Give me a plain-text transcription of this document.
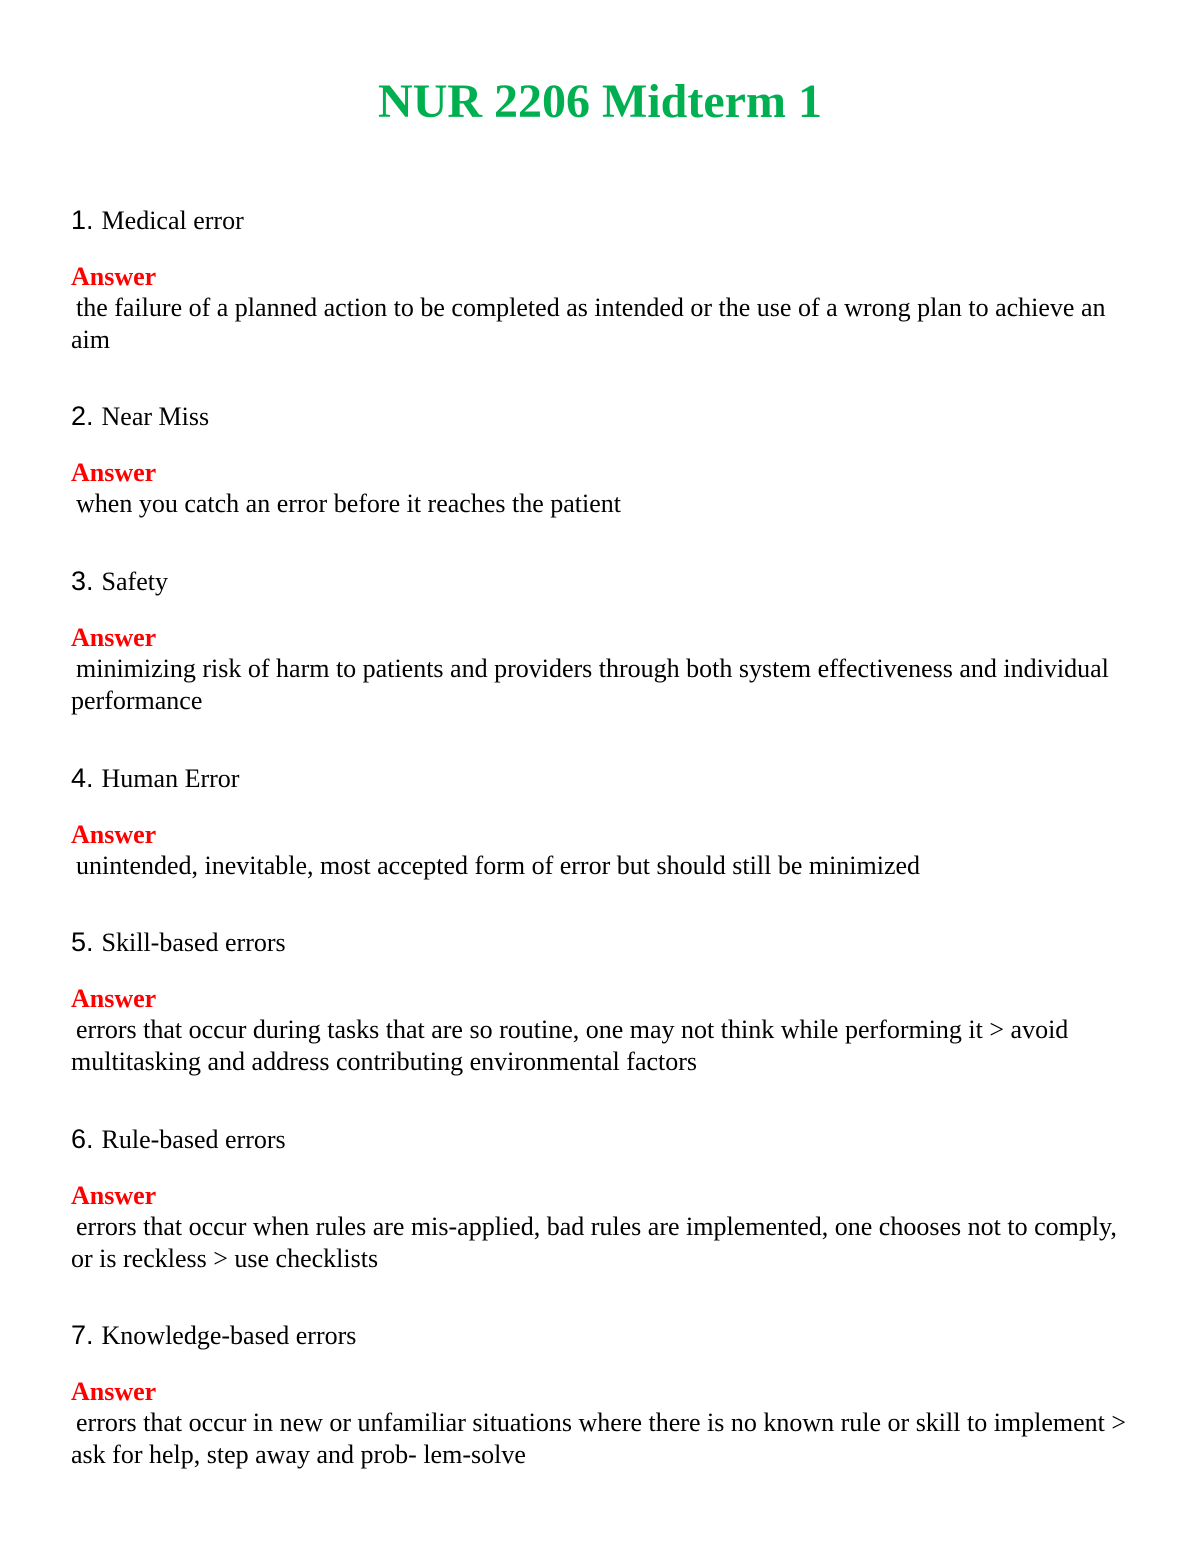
NUR 2206 Midterm 1
1. Medical error
Answer

the failure of a planned action to be completed as intended or the use of a wrong plan to achieve an aim

2. Near Miss
Answer

when you catch an error before it reaches the patient

3. Safety
Answer

minimizing risk of harm to patients and providers through both system effectiveness and individual performance

4. Human Error
Answer

unintended, inevitable, most accepted form of error but should still be minimized

5. Skill-based errors
Answer

errors that occur during tasks that are so routine, one may not think while performing it > avoid multitasking and address contributing environmental factors

6. Rule-based errors
Answer

errors that occur when rules are mis-applied, bad rules are implemented, one chooses not to comply, or is reckless > use checklists

7. Knowledge-based errors
Answer

errors that occur in new or unfamiliar situations where there is no known rule or skill to implement > ask for help, step away and prob- lem-solve
